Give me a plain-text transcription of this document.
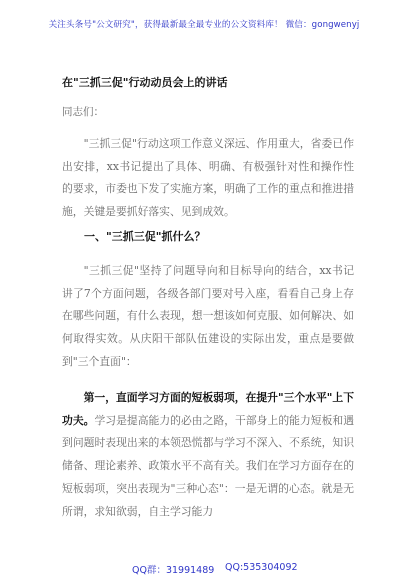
关注头条号"公文研究"，获得最新最全最专业的公文资料库！ 微信：gongwenyj
在"三抓三促"行动动员会上的讲话
同志们：

"三抓三促"行动这项工作意义深远、作用重大，省委已作出安排，xx书记提出了具体、明确、有极强针对性和操作性的要求，市委也下发了实施方案，明确了工作的重点和推进措施，关键是要抓好落实、见到成效。

一、"三抓三促"抓什么？

"三抓三促"坚持了问题导向和目标导向的结合，xx书记讲了7个方面问题，各级各部门要对号入座，看看自己身上存在哪些问题，有什么表现，想一想该如何克服、如何解决、如何取得实效。从庆阳干部队伍建设的实际出发，重点是要做到"三个直面"：

第一，直面学习方面的短板弱项，在提升"三个水平"上下功夫。学习是提高能力的必由之路，干部身上的能力短板和遇到问题时表现出来的本领恐慌都与学习不深入、不系统，知识储备、理论素养、政策水平不高有关。我们在学习方面存在的短板弱项，突出表现为"三种心态"：一是无谓的心态。就是无所谓，求知欲弱，自主学习能力

QQ群：31991489 QQ:535304092
